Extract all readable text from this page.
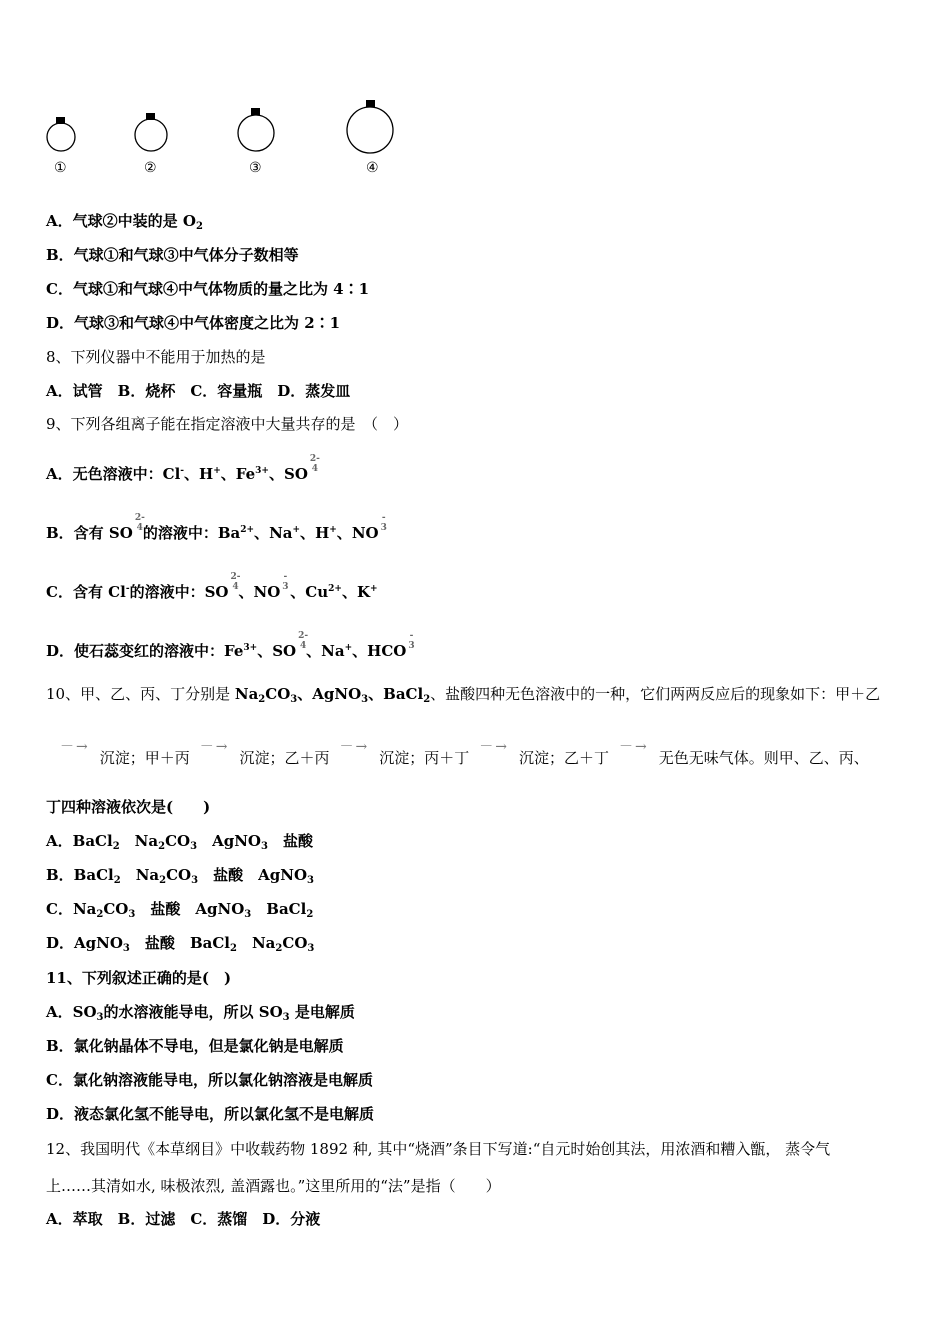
①	②	③	④
A．气球②中装的是 $O_2$
B．气球①和气球③中气体分子数相等
C．气球①和气球④中气体物质的量之比为 4∶1
D．气球③和气球④中气体密度之比为 2∶1
8、下列仪器中不能用于加热的是
A．试管　B．烧杯　C．容量瓶　D．蒸发皿
9、下列各组离子能在指定溶液中大量共存的是　（　）
A．无色溶液中：Cl-、H+、$Fe^{3+}$、SO
2-
4
B．含有 SO
2-
4 的溶液中：$Ba^{2+}$、Na+、H+、NO
-
3
C．含有 Cl-的溶液中：SO
2-
4 、NO
-
3 、$Cu^{2+}$、K+
D．使石蕊变红的溶液中：$Fe^{3+}$、SO
2-
4 、Na+、HCO
-
3
10、甲、乙、丙、丁分别是 $Na_2CO_3$、AgNO$_3$、BaCl$_2$、盐酸四种无色溶液中的一种，它们两两反应后的现象如下：甲＋乙
－→沉淀；甲＋丙－→沉淀；乙＋丙－→沉淀；丙＋丁－→沉淀；乙＋丁－→无色无味气体。则甲、乙、丙、
丁四种溶液依次是(　　)
A．BaCl$_2$　 $Na_2CO_3$　 AgNO$_3$　 盐酸
B．BaCl$_2$　 $Na_2CO_3$　 盐酸　 AgNO$_3$
C．$Na_2CO_3$　 盐酸　 AgNO$_3$　 BaCl$_2$
D．AgNO$_3$　 盐酸　 BaCl$_2$　 $Na_2CO_3$
11、下列叙述正确的是(　)
A．$SO_3$的水溶液能导电，所以 $SO_3$ 是电解质
B．氯化钠晶体不导电，但是氯化钠是电解质
C．氯化钠溶液能导电，所以氯化钠溶液是电解质
D．液态氯化氢不能导电，所以氯化氢不是电解质
12、我国明代《本草纲目》中收载药物 1892 种, 其中“烧酒”条目下写道:“自元时始创其法，用浓酒和糟入甑， 蒸令气
上……其清如水, 味极浓烈, 盖酒露也。”这里所用的“法”是指（　　）
A．萃取　B．过滤　C．蒸馏　D．分液
